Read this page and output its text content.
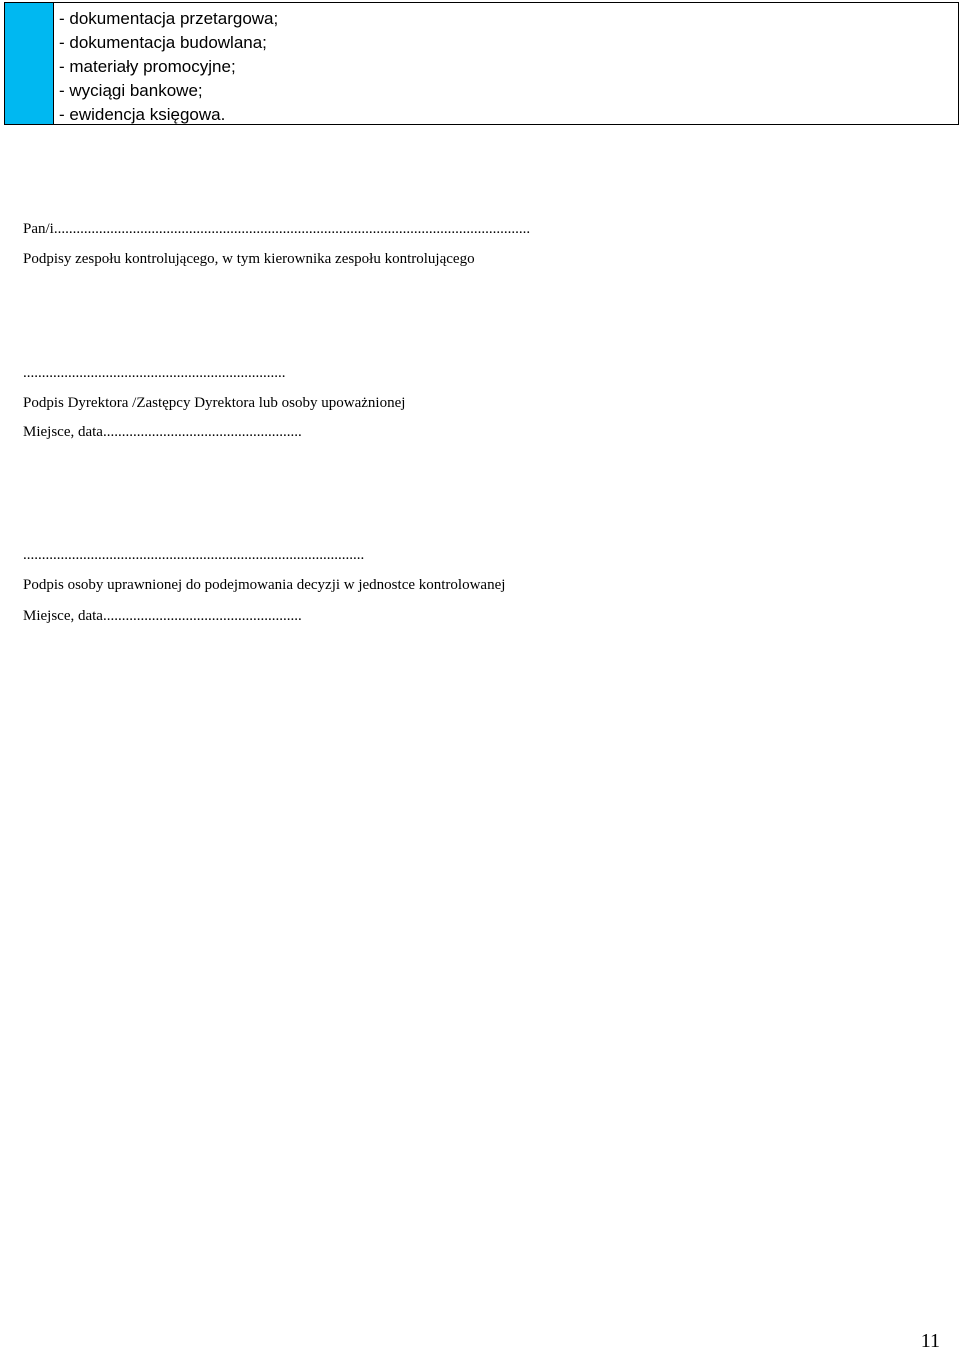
- dokumentacja przetargowa;
- dokumentacja budowlana;
- materiały promocyjne;
- wyciągi bankowe;
- ewidencja księgowa.
Pan/i...............................................................................................................................
Podpisy zespołu kontrolującego, w tym kierownika zespołu kontrolującego
......................................................................
Podpis Dyrektora /Zastępcy Dyrektora lub osoby upoważnionej
Miejsce, data.....................................................
...........................................................................................
Podpis osoby uprawnionej do podejmowania decyzji w jednostce kontrolowanej
Miejsce, data.....................................................
11
